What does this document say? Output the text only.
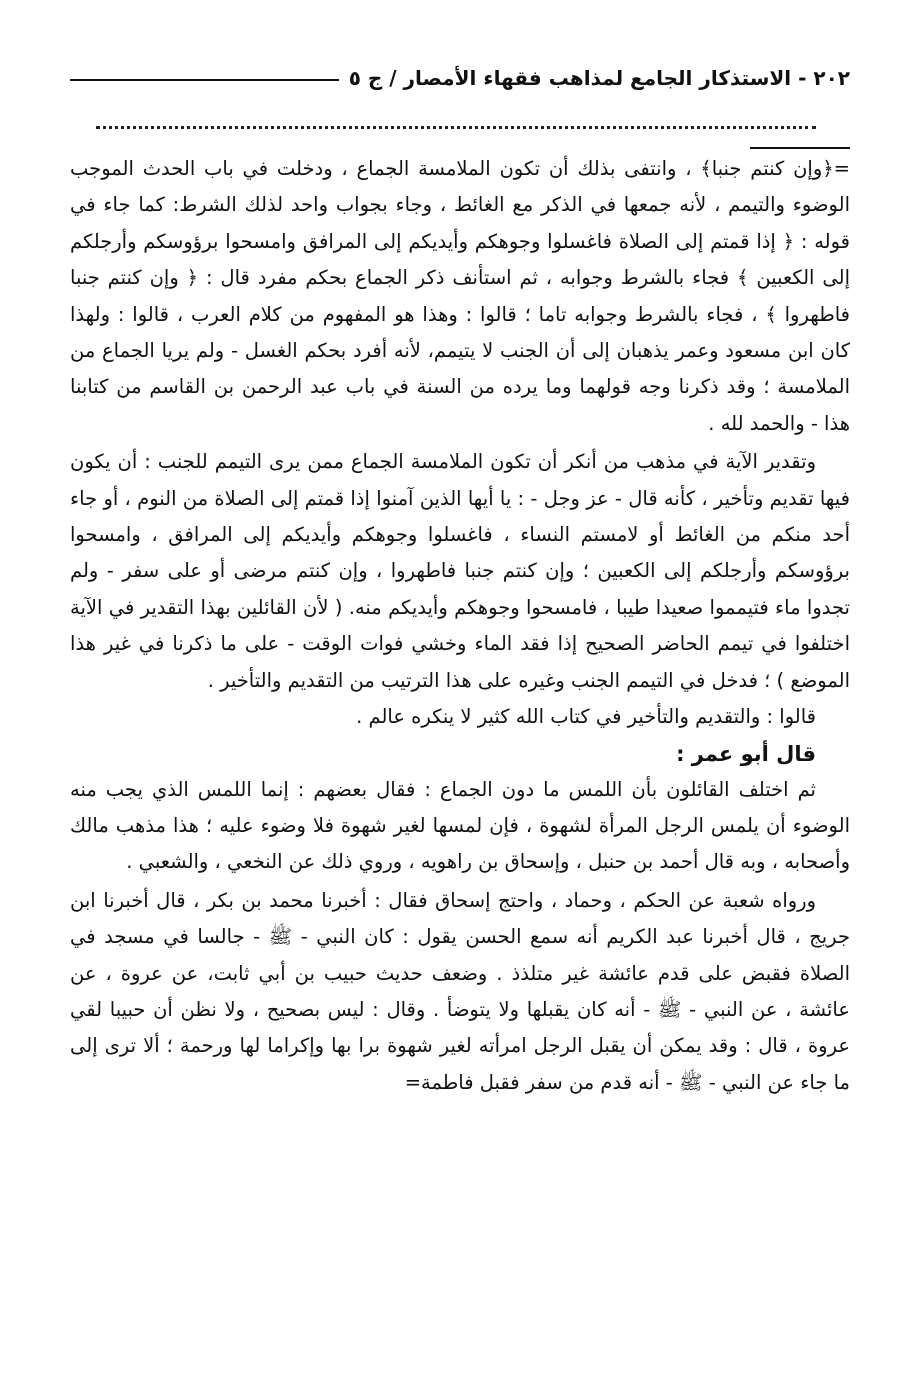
٢٠٢ - الاستذكار الجامع لمذاهب فقهاء الأمصار / ج ٥

=﴿وإن كنتم جنبا﴾ ، وانتفى بذلك أن تكون الملامسة الجماع ، ودخلت في باب الحدث الموجب الوضوء والتيمم ، لأنه جمعها في الذكر مع الغائط ، وجاء بجواب واحد لذلك الشرط: كما جاء في قوله : ﴿ إذا قمتم إلى الصلاة فاغسلوا وجوهكم وأيديكم إلى المرافق وامسحوا برؤوسكم وأرجلكم إلى الكعبين ﴾ فجاء بالشرط وجوابه ، ثم استأنف ذكر الجماع بحكم مفرد قال : ﴿ وإن كنتم جنبا فاطهروا ﴾ ، فجاء بالشرط وجوابه تاما ؛ قالوا : وهذا هو المفهوم من كلام العرب ، قالوا : ولهذا كان ابن مسعود وعمر يذهبان إلى أن الجنب لا يتيمم، لأنه أفرد بحكم الغسل - ولم يريا الجماع من الملامسة ؛ وقد ذكرنا وجه قولهما وما يرده من السنة في باب عبد الرحمن بن القاسم من كتابنا هذا - والحمد لله .

وتقدير الآية في مذهب من أنكر أن تكون الملامسة الجماع ممن يرى التيمم للجنب : أن يكون فيها تقديم وتأخير ، كأنه قال - عز وجل - : يا أيها الذين آمنوا إذا قمتم إلى الصلاة من النوم ، أو جاء أحد منكم من الغائط أو لامستم النساء ، فاغسلوا وجوهكم وأيديكم إلى المرافق ، وامسحوا برؤوسكم وأرجلكم إلى الكعبين ؛ وإن كنتم جنبا فاطهروا ، وإن كنتم مرضى أو على سفر - ولم تجدوا ماء فتيمموا صعيدا طيبا ، فامسحوا وجوهكم وأيديكم منه. ( لأن القائلين بهذا التقدير في الآية اختلفوا في تيمم الحاضر الصحيح إذا فقد الماء وخشي فوات الوقت - على ما ذكرنا في غير هذا الموضع ) ؛ فدخل في التيمم الجنب وغيره على هذا الترتيب من التقديم والتأخير .

قالوا : والتقديم والتأخير في كتاب الله كثير لا ينكره عالم .

قال أبو عمر :

ثم اختلف القائلون بأن اللمس ما دون الجماع : فقال بعضهم : إنما اللمس الذي يجب منه الوضوء أن يلمس الرجل المرأة لشهوة ، فإن لمسها لغير شهوة فلا وضوء عليه ؛ هذا مذهب مالك وأصحابه ، وبه قال أحمد بن حنبل ، وإسحاق بن راهويه ، وروي ذلك عن النخعي ، والشعبي .

ورواه شعبة عن الحكم ، وحماد ، واحتج إسحاق فقال : أخبرنا محمد بن بكر ، قال أخبرنا ابن جريج ، قال أخبرنا عبد الكريم أنه سمع الحسن يقول : كان النبي - ﷺ - جالسا في مسجد في الصلاة فقبض على قدم عائشة غير متلذذ . وضعف حديث حبيب بن أبي ثابت، عن عروة ، عن عائشة ، عن النبي - ﷺ - أنه كان يقبلها ولا يتوضأ . وقال : ليس بصحيح ، ولا نظن أن حبيبا لقي عروة ، قال : وقد يمكن أن يقبل الرجل امرأته لغير شهوة برا بها وإكراما لها ورحمة ؛ ألا ترى إلى ما جاء عن النبي - ﷺ - أنه قدم من سفر فقبل فاطمة=
